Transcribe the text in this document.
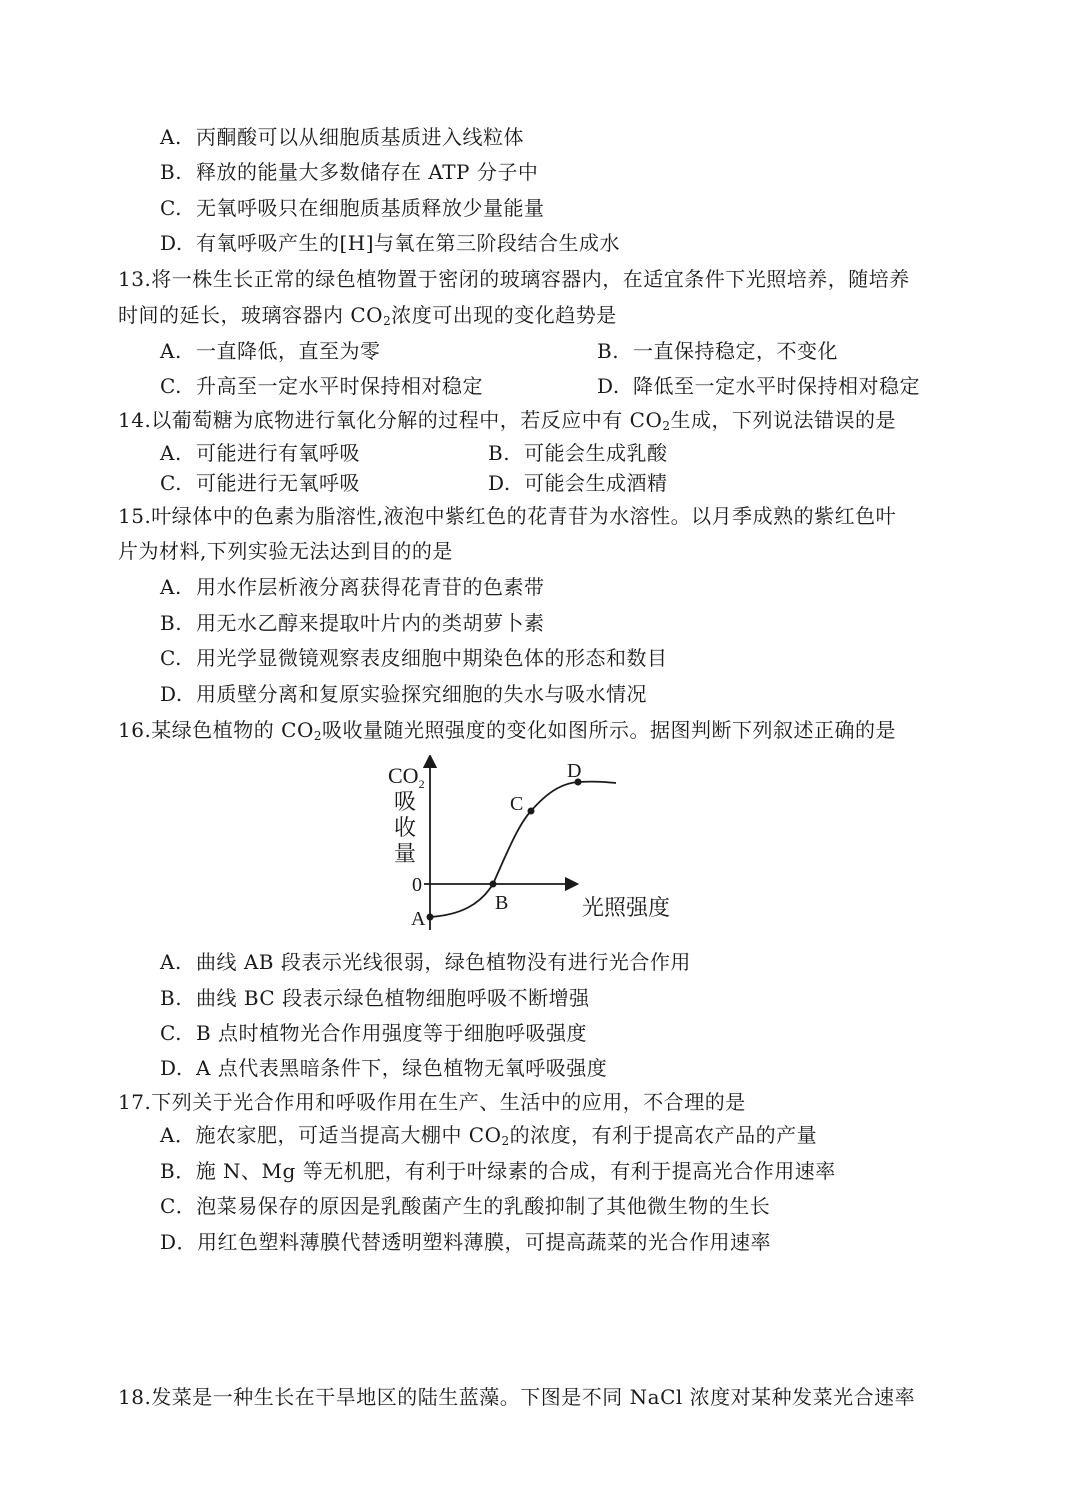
A. 丙酮酸可以从细胞质基质进入线粒体
B. 释放的能量大多数储存在 ATP 分子中
C. 无氧呼吸只在细胞质基质释放少量能量
D. 有氧呼吸产生的[H]与氧在第三阶段结合生成水
13.将一株生长正常的绿色植物置于密闭的玻璃容器内，在适宜条件下光照培养，随培养
时间的延长，玻璃容器内 $CO_2$浓度可出现的变化趋势是
A. 一直降低，直至为零	B. 一直保持稳定，不变化
C. 升高至一定水平时保持相对稳定	D. 降低至一定水平时保持相对稳定
14.以葡萄糖为底物进行氧化分解的过程中，若反应中有 $CO_2$生成，下列说法错误的是
A. 可能进行有氧呼吸	B. 可能会生成乳酸
C. 可能进行无氧呼吸	D. 可能会生成酒精
15.叶绿体中的色素为脂溶性,液泡中紫红色的花青苷为水溶性。以月季成熟的紫红色叶
片为材料,下列实验无法达到目的的是
A. 用水作层析液分离获得花青苷的色素带
B. 用无水乙醇来提取叶片内的类胡萝卜素
C. 用光学显微镜观察表皮细胞中期染色体的形态和数目
D. 用质壁分离和复原实验探究细胞的失水与吸水情况
16.某绿色植物的 $CO_2$吸收量随光照强度的变化如图所示。据图判断下列叙述正确的是
$CO_2$
吸
收
量
0
光照强度
A
B
C
D
A. 曲线 AB 段表示光线很弱，绿色植物没有进行光合作用
B. 曲线 BC 段表示绿色植物细胞呼吸不断增强
C. B 点时植物光合作用强度等于细胞呼吸强度
D. A 点代表黑暗条件下，绿色植物无氧呼吸强度
17.下列关于光合作用和呼吸作用在生产、生活中的应用，不合理的是
A．施农家肥，可适当提高大棚中 $CO_2$的浓度，有利于提高农产品的产量
B．施 N、Mg 等无机肥，有利于叶绿素的合成，有利于提高光合作用速率
C．泡菜易保存的原因是乳酸菌产生的乳酸抑制了其他微生物的生长
D．用红色塑料薄膜代替透明塑料薄膜，可提高蔬菜的光合作用速率
18.发菜是一种生长在干旱地区的陆生蓝藻。下图是不同 NaCl 浓度对某种发菜光合速率
